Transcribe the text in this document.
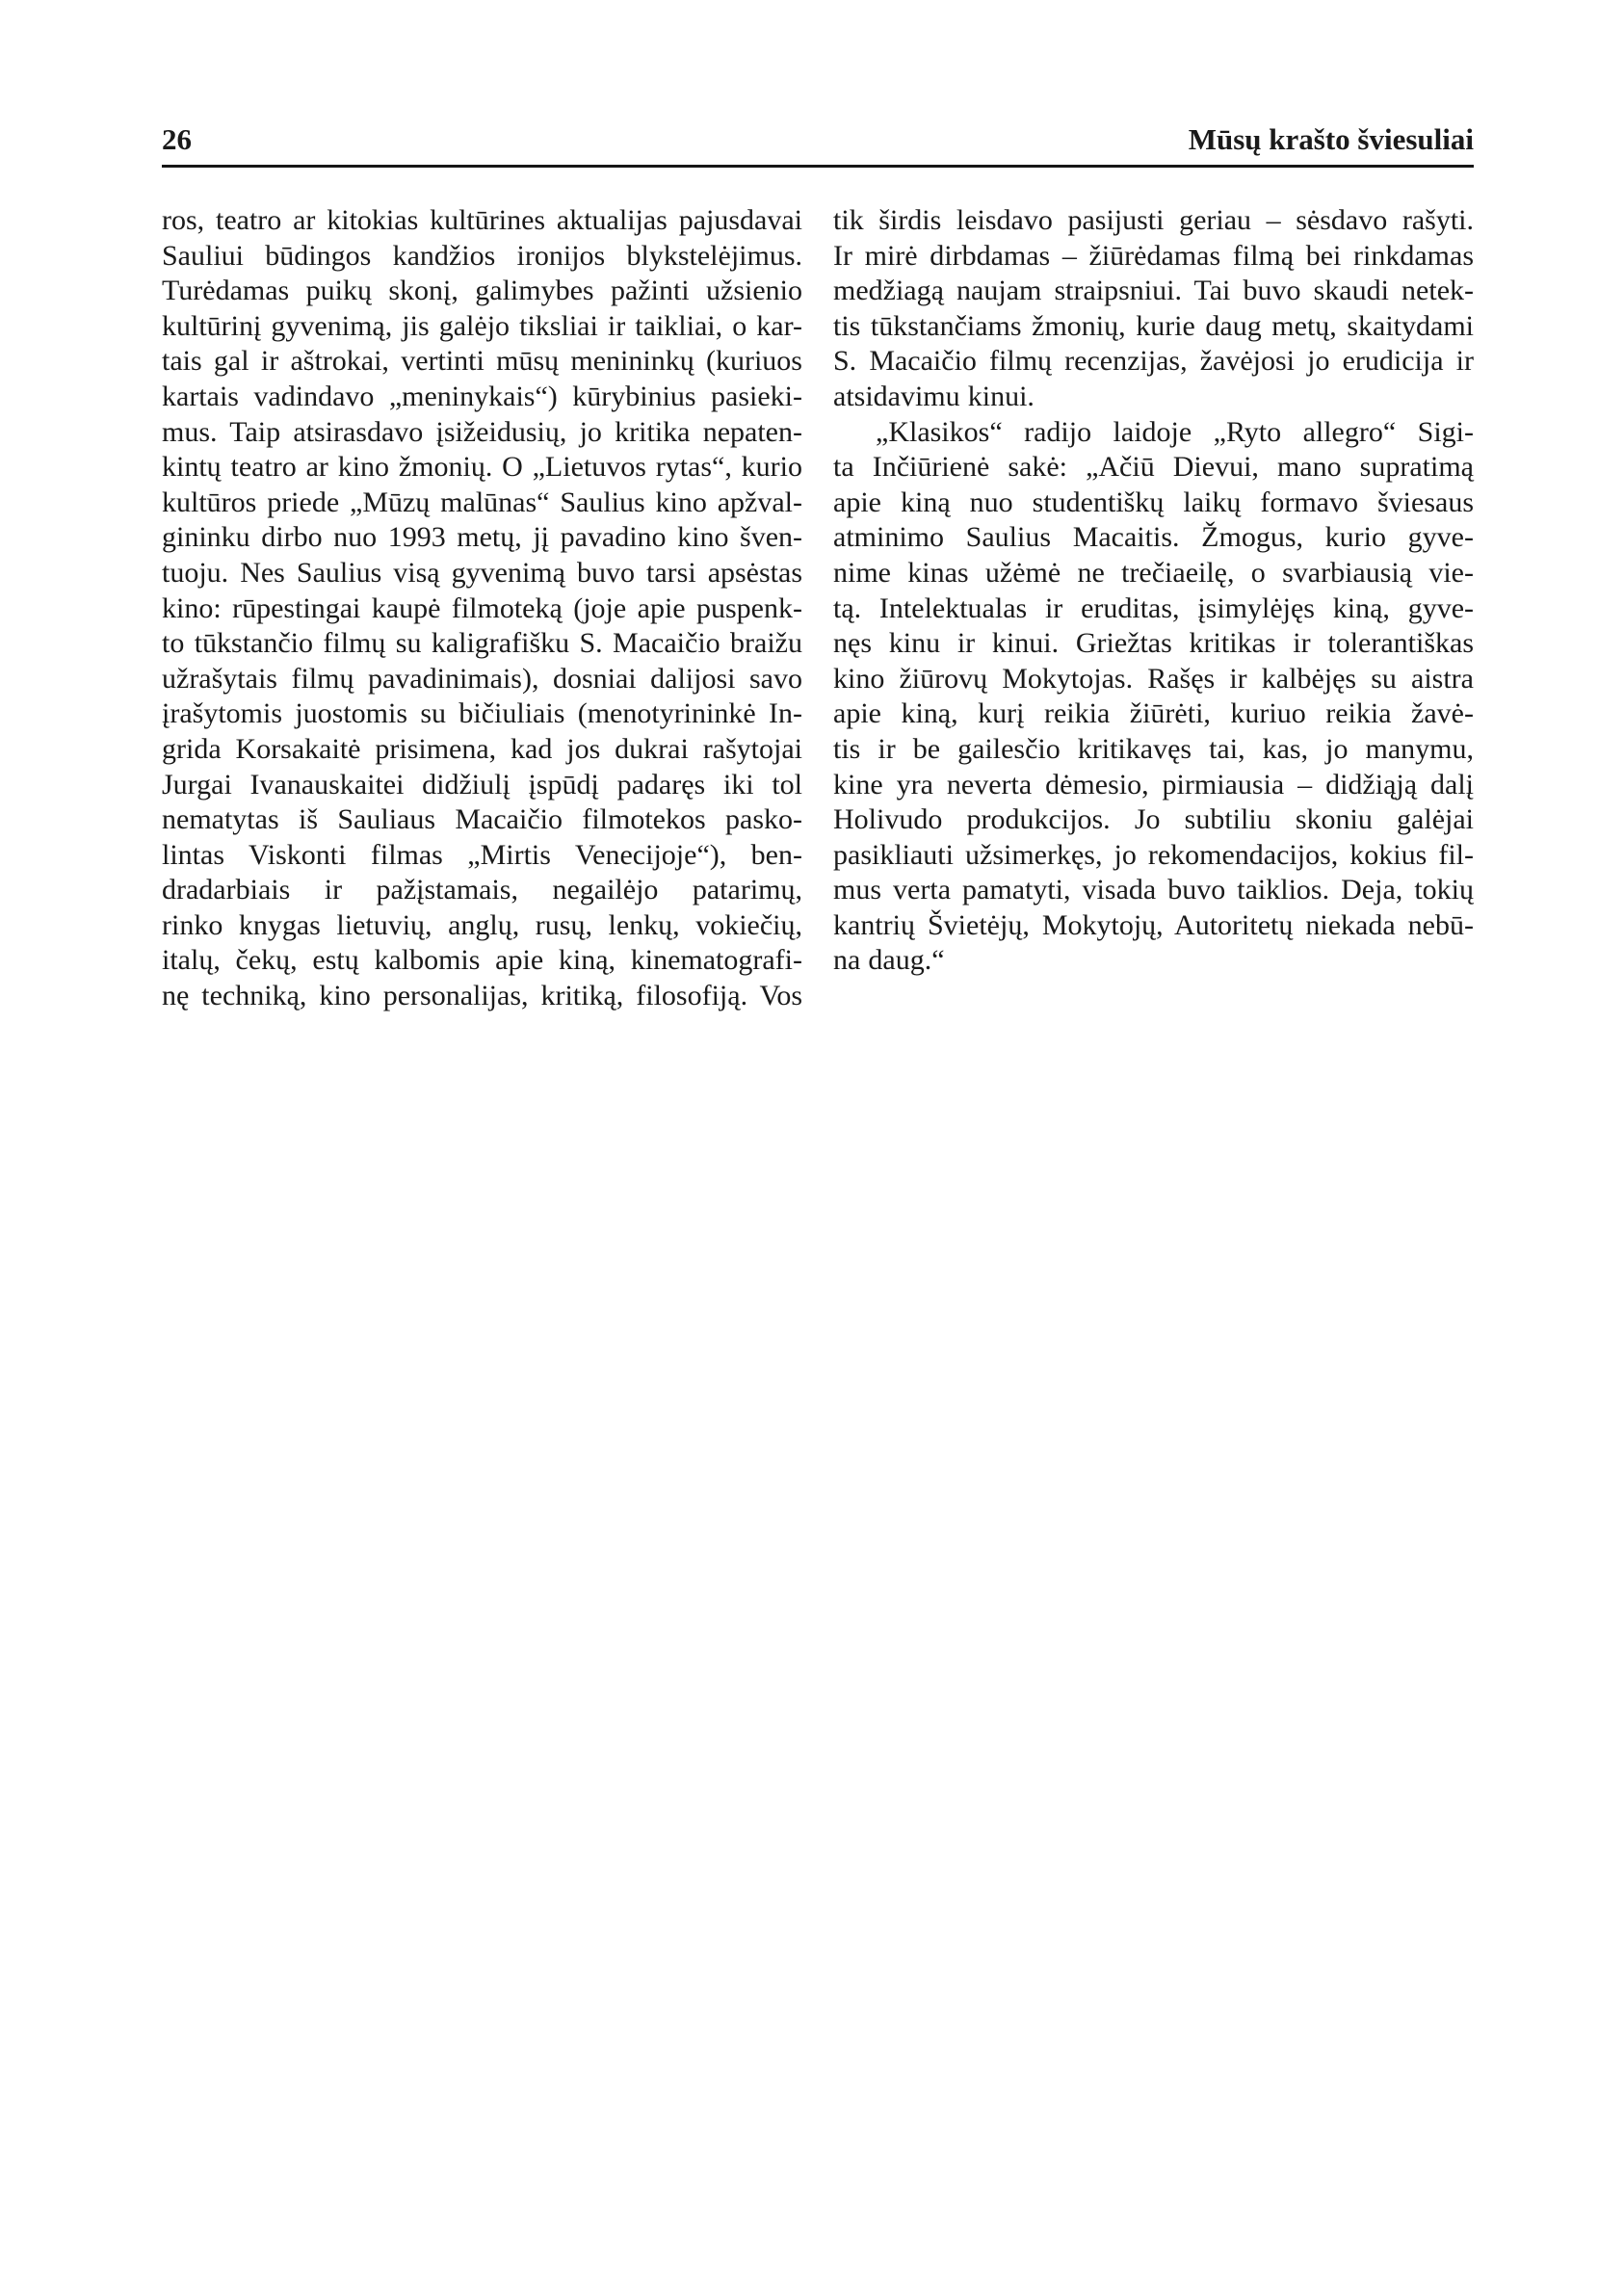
26	Mūsų krašto šviesuliai
ros, teatro ar kitokias kultūrines aktualijas pajusdavai
Sauliui būdingos kandžios ironijos blykstelėjimus.
Turėdamas puikų skonį, galimybes pažinti užsienio
kultūrinį gyvenimą, jis galėjo tiksliai ir taikliai, o kar-
tais gal ir aštrokai, vertinti mūsų menininkų (kuriuos
kartais vadindavo „meninykais“) kūrybinius pasieki-
mus. Taip atsirasdavo įsižeidusių, jo kritika nepaten-
kintų teatro ar kino žmonių. O „Lietuvos rytas“, kurio
kultūros priede „Mūzų malūnas“ Saulius kino apžval-
gininku dirbo nuo 1993 metų, jį pavadino kino šven-
tuoju. Nes Saulius visą gyvenimą buvo tarsi apsėstas
kino: rūpestingai kaupė filmoteką (joje apie puspenk-
to tūkstančio filmų su kaligrafišku S. Macaičio braižu
užrašytais filmų pavadinimais), dosniai dalijosi savo
įrašytomis juostomis su bičiuliais (menotyrininkė In-
grida Korsakaitė prisimena, kad jos dukrai rašytojai
Jurgai Ivanauskaitei didžiulį įspūdį padaręs iki tol
nematytas iš Sauliaus Macaičio filmotekos pasko-
lintas Viskonti filmas „Mirtis Venecijoje“), ben-
dradarbiais ir pažįstamais, negailėjo patarimų,
rinko knygas lietuvių, anglų, rusų, lenkų, vokiečių,
italų, čekų, estų kalbomis apie kiną, kinematografi-
nę techniką, kino personalijas, kritiką, filosofiją. Vos
tik širdis leisdavo pasijusti geriau – sėsdavo rašyti.
Ir mirė dirbdamas – žiūrėdamas filmą bei rinkdamas
medžiagą naujam straipsniui. Tai buvo skaudi netek-
tis tūkstančiams žmonių, kurie daug metų, skaitydami
S. Macaičio filmų recenzijas, žavėjosi jo erudicija ir
atsidavimu kinui.
„Klasikos“ radijo laidoje „Ryto allegro“ Sigi-
ta Inčiūrienė sakė: „Ačiū Dievui, mano supratimą
apie kiną nuo studentiškų laikų formavo šviesaus
atminimo Saulius Macaitis. Žmogus, kurio gyve-
nime kinas užėmė ne trečiaeilę, o svarbiausią vie-
tą. Intelektualas ir eruditas, įsimylėjęs kiną, gyve-
nęs kinu ir kinui. Griežtas kritikas ir tolerantiškas
kino žiūrovų Mokytojas. Rašęs ir kalbėjęs su aistra
apie kiną, kurį reikia žiūrėti, kuriuo reikia žavė-
tis ir be gailesčio kritikavęs tai, kas, jo manymu,
kine yra neverta dėmesio, pirmiausia – didžiąją dalį
Holivudo produkcijos. Jo subtiliu skoniu galėjai
pasikliauti užsimerkęs, jo rekomendacijos, kokius fil-
mus verta pamatyti, visada buvo taiklios. Deja, tokių
kantrių Švietėjų, Mokytojų, Autoritetų niekada nebū-
na daug.“
